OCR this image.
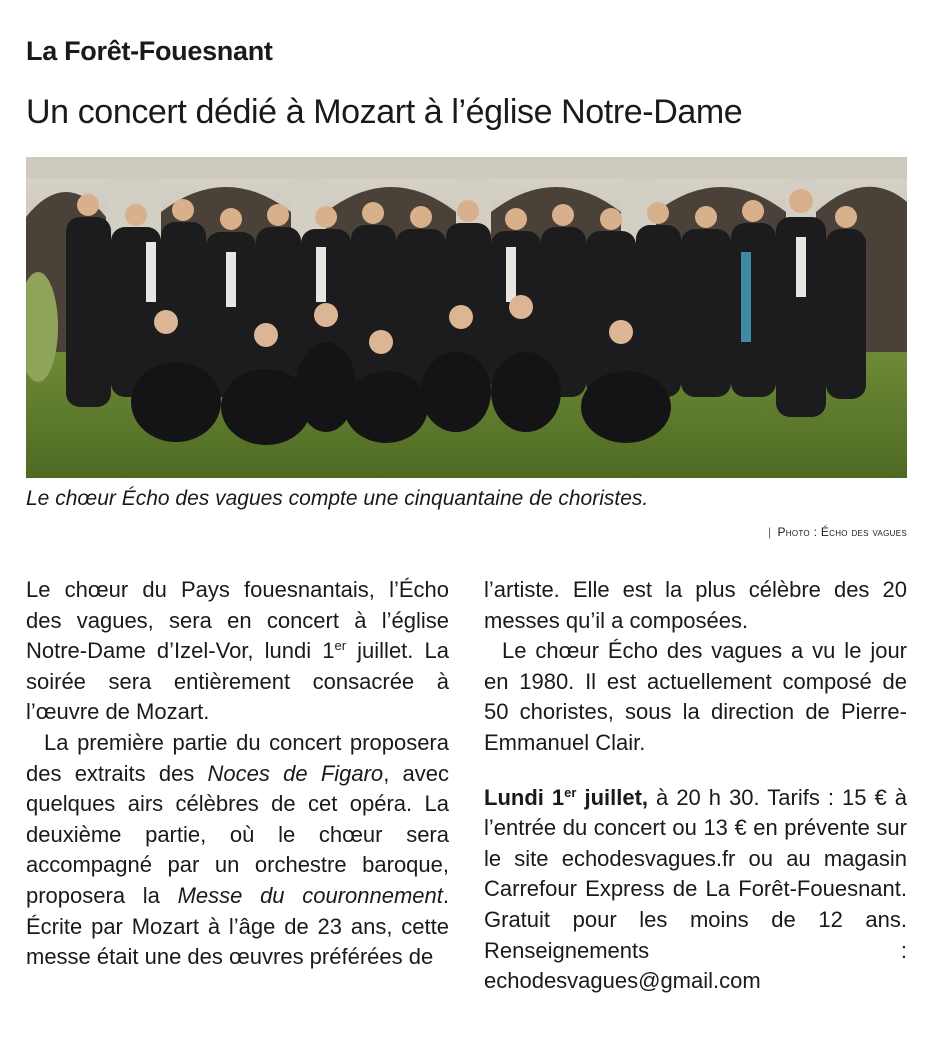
La Forêt-Fouesnant
Un concert dédié à Mozart à l’église Notre-Dame
Le chœur Écho des vagues compte une cinquantaine de choristes.
| Photo : Écho des vagues

Le chœur du Pays fouesnantais, l’Écho des vagues, sera en concert à l’église Notre-Dame d’Izel-Vor, lundi 1er juillet. La soirée sera entièrement consacrée à l’œuvre de Mozart.

La première partie du concert proposera des extraits des Noces de Figaro, avec quelques airs célèbres de cet opéra. La deuxième partie, où le chœur sera accompagné par un orchestre baroque, proposera la Messe du couronnement. Écrite par Mozart à l’âge de 23 ans, cette messe était une des œuvres préférées de

l’artiste. Elle est la plus célèbre des 20 messes qu’il a composées.

Le chœur Écho des vagues a vu le jour en 1980. Il est actuellement composé de 50 choristes, sous la direction de Pierre-Emmanuel Clair.

Lundi 1er juillet, à 20 h 30. Tarifs : 15 € à l’entrée du concert ou 13 € en prévente sur le site echodesvagues.fr ou au magasin Carrefour Express de La Forêt-Fouesnant. Gratuit pour les moins de 12 ans. Renseignements : echodesvagues@gmail.com
